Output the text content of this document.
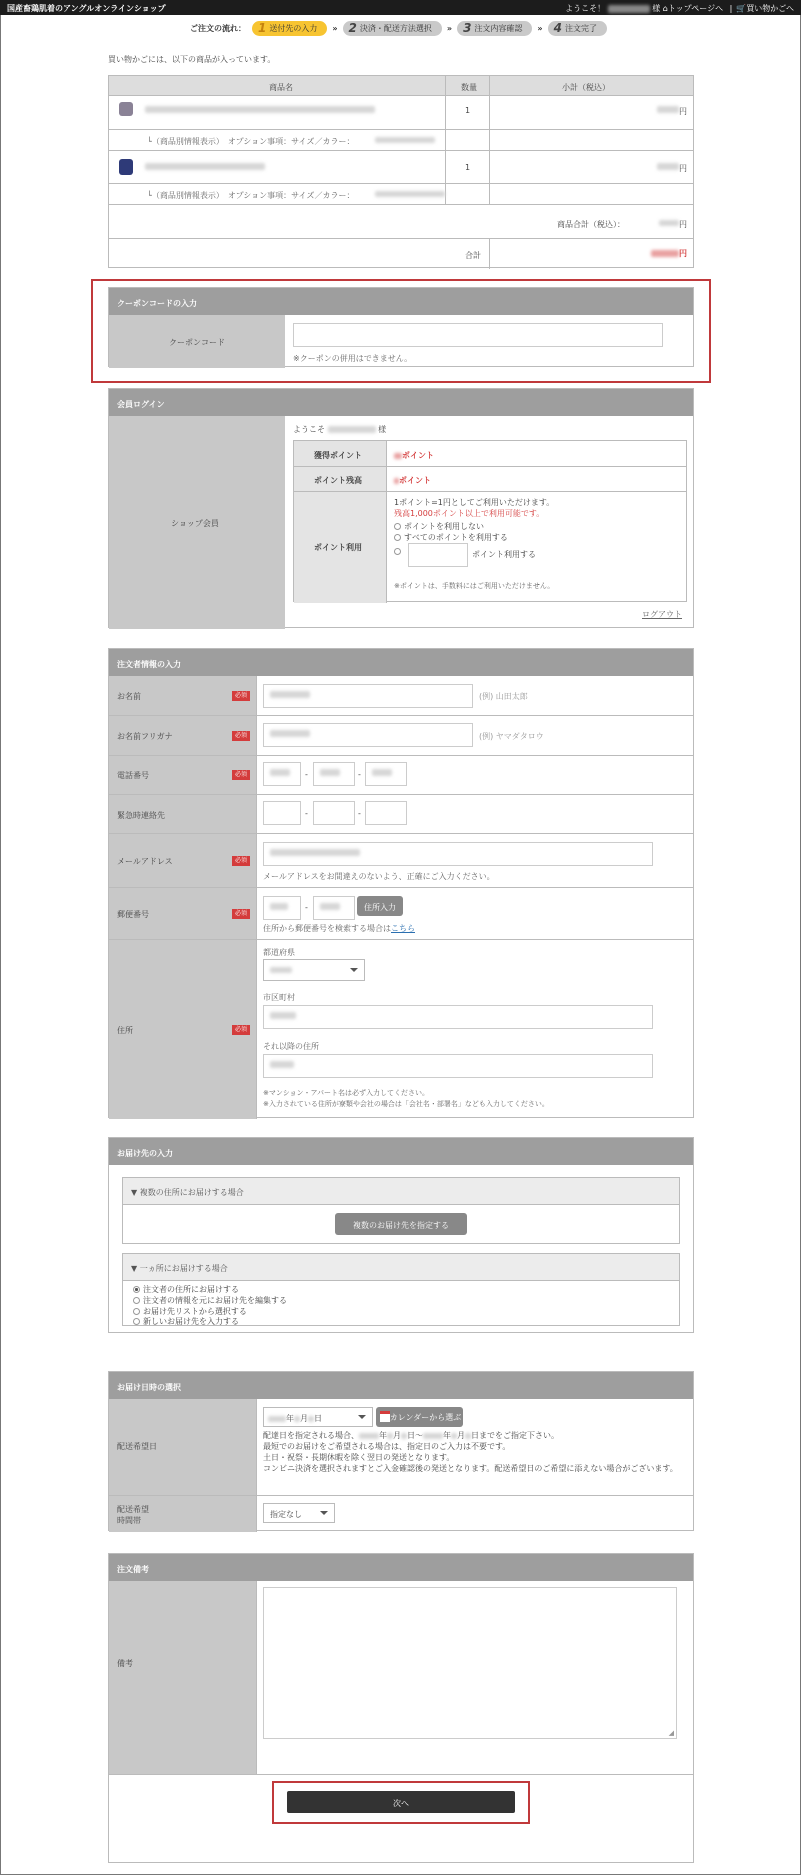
国産畜鶏肌着のアングルオンラインショップ	ようこそ！	様 ⌂トップページへ | 🛒買い物かごへ
ご注文の流れ： 1 送付先の入力 » 2 決済・配送方法選択 » 3 注文内容確認 » 4 注文完了
買い物かごには、以下の商品が入っています。
商品名	数量	小計（税込）
1	円
└（商品別情報表示）　オプション事項：サイズ／カラー：
1	円
└（商品別情報表示）　オプション事項：サイズ／カラー：
商品合計（税込）：	円
合計	円
クーポンコードの入力
クーポンコード
※クーポンの併用はできません。
会員ログイン
ショップ会員
ようこそ	様
獲得ポイント	ポイント
ポイント残高	ポイント
ポイント利用
1ポイント=1円としてご利用いただけます。
残高1,000ポイント以上で利用可能です。
ポイントを利用しない
すべてのポイントを利用する
ポイント利用する
※ポイントは、手数料にはご利用いただけません。
ログアウト
注文者情報の入力
お名前	必須	(例) 山田太郎
お名前フリガナ	必須	(例) ヤマダタロウ
電話番号	必須	-	-
緊急時連絡先	-	-
メールアドレス	必須
メールアドレスをお間違えのないよう、正確にご入力ください。
郵便番号	必須
-	住所入力
住所から郵便番号を検索する場合はこちら
住所	必須
都道府県
市区町村
それ以降の住所
※マンション・アパート名は必ず入力してください。
※入力されている住所が寮類や会社の場合は「会社名・部署名」なども入力してください。
お届け先の入力
▼ 複数の住所にお届けする場合
複数のお届け先を指定する
▼ 一ヵ所にお届けする場合
注文者の住所にお届けする
注文者の情報を元にお届け先を編集する
お届け先リストから選択する
新しいお届け先を入力する
お届け日時の選択
配送希望日
年 月 日	カレンダーから選ぶ
配達日を指定される場合、	年 月 日～	年 月 日までをご指定下さい。
最短でのお届けをご希望される場合は、指定日のご入力は不要です。
土日・祝祭・長期休暇を除く翌日の発送となります。
コンビニ決済を選択されますとご入金確認後の発送となります。配送希望日のご希望に添えない場合がございます。
配送希望
時間帯
指定なし
注文備考
備考
◢
次へ
